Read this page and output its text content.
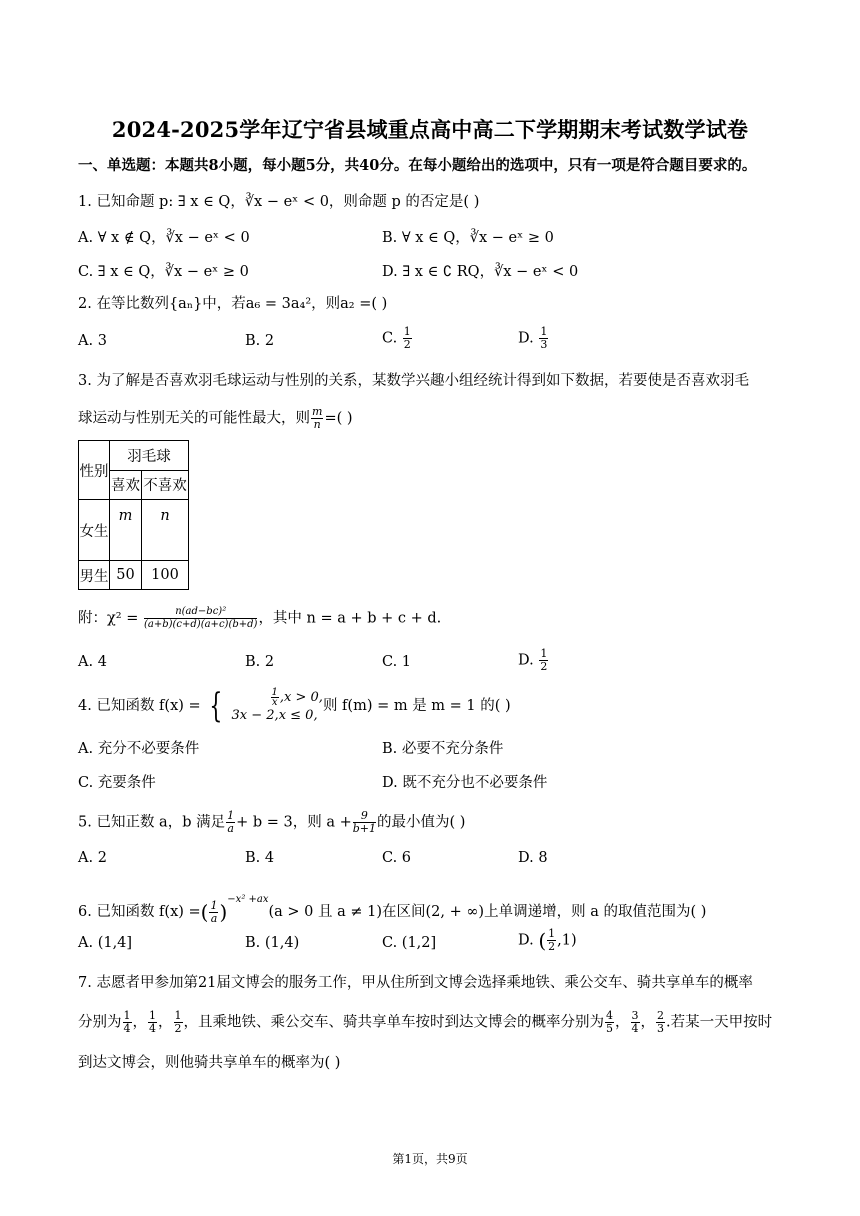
2024-2025学年辽宁省县域重点高中高二下学期期末考试数学试卷
一、单选题：本题共8小题，每小题5分，共40分。在每小题给出的选项中，只有一项是符合题目要求的。
1. 已知命题 p: ∃ x ∈ Q，∛x − eˣ < 0，则命题 p 的否定是( )
A. ∀ x ∉ Q，∛x − eˣ < 0	B. ∀ x ∈ Q，∛x − eˣ ≥ 0
C. ∃ x ∈ Q，∛x − eˣ ≥ 0	D. ∃ x ∈ ∁ RQ，∛x − eˣ < 0
2. 在等比数列{aₙ}中，若a₆ = 3a₄²，则a₂ =( )
A. 3	B. 2	C. $\frac{1}{2}$	D. $\frac{1}{3}$
3. 为了解是否喜欢羽毛球运动与性别的关系，某数学兴趣小组经统计得到如下数据，若要使是否喜欢羽毛
球运动与性别无关的可能性最大，则 $\frac{m}{n}$ =( )
性别	羽毛球	
	喜欢	不喜欢
女生	m	n
男生	50	100
附：$\chi^2 = \frac{\text{n(ad−bc)²}}{(a+b)(c+d)(a+c)(b+d)}$ ，其中 n = a + b + c + d.
A. 4	B. 2	C. 1	D. $\frac{1}{2}$
4. 已知函数 f(x) = {	$\frac{1}{x} ,x > 0$,
3x − 2,x ≤ 0,
则 f(m) = m 是 m = 1 的( )
A. 充分不必要条件	B. 必要不充分条件
C. 充要条件	D. 既不充分也不必要条件
5. 已知正数 a，b 满足 $\frac{1}{a} + b = 3$，则 $a + \frac{9}{b+1}$ 的最小值为( )
A. 2	B. 4	C. 6	D. 8
6. 已知函数 f(x) =( $\frac{1}{a} )^{-x^2 +ax}(a > 0$ 且 a ≠ 1)在区间(2, + ∞)上单调递增，则 a 的取值范围为( )
A. (1,4]	B. (1,4)	C. (1,2]	D. ( $\frac{1}{2} ,1$)
7. 志愿者甲参加第21届文博会的服务工作，甲从住所到文博会选择乘地铁、乘公交车、骑共享单车的概率
分别为 $\frac{1}{4}$ ， $\frac{1}{4}$ ， $\frac{1}{2}$ ，且乘地铁、乘公交车、骑共享单车按时到达文博会的概率分别为 $\frac{4}{5}$ ， $\frac{3}{4}$ ， $\frac{2}{3}$ .若某一天甲按时
到达文博会，则他骑共享单车的概率为( )
第1页，共9页
